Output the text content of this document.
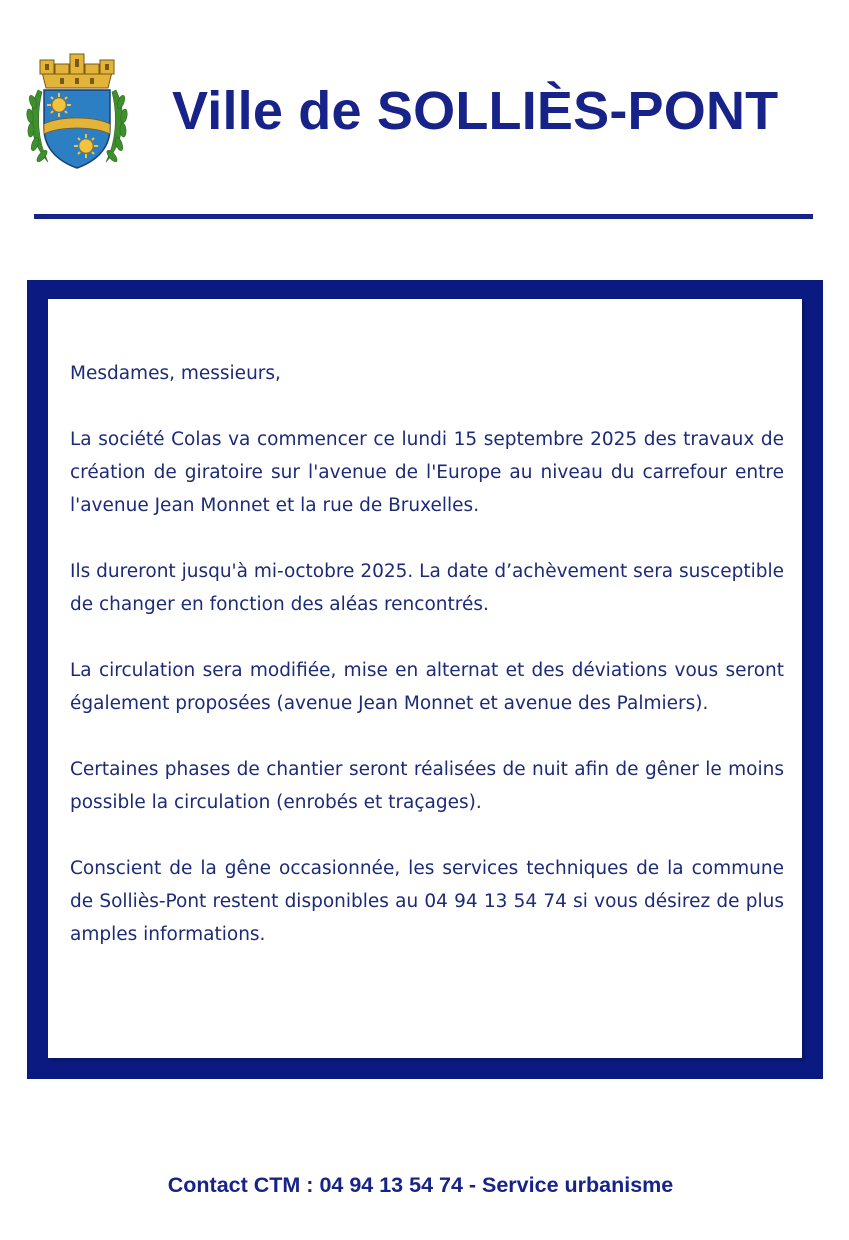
Ville de SOLLIÈS-PONT

Mesdames, messieurs,

La société Colas va commencer ce lundi 15 septembre 2025 des travaux de création de giratoire sur l'avenue de l'Europe au niveau du carrefour entre l'avenue Jean Monnet et la rue de Bruxelles.

Ils dureront jusqu'à mi-octobre 2025. La date d’achèvement sera susceptible de changer en fonction des aléas rencontrés.

La circulation sera modifiée, mise en alternat et des déviations vous seront également proposées (avenue Jean Monnet et avenue des Palmiers).

Certaines phases de chantier seront réalisées de nuit afin de gêner le moins possible la circulation (enrobés et traçages).

Conscient de la gêne occasionnée, les services techniques de la commune de Solliès-Pont restent disponibles au 04 94 13 54 74 si vous désirez de plus amples informations.

Contact CTM : 04 94 13 54 74 - Service urbanisme
